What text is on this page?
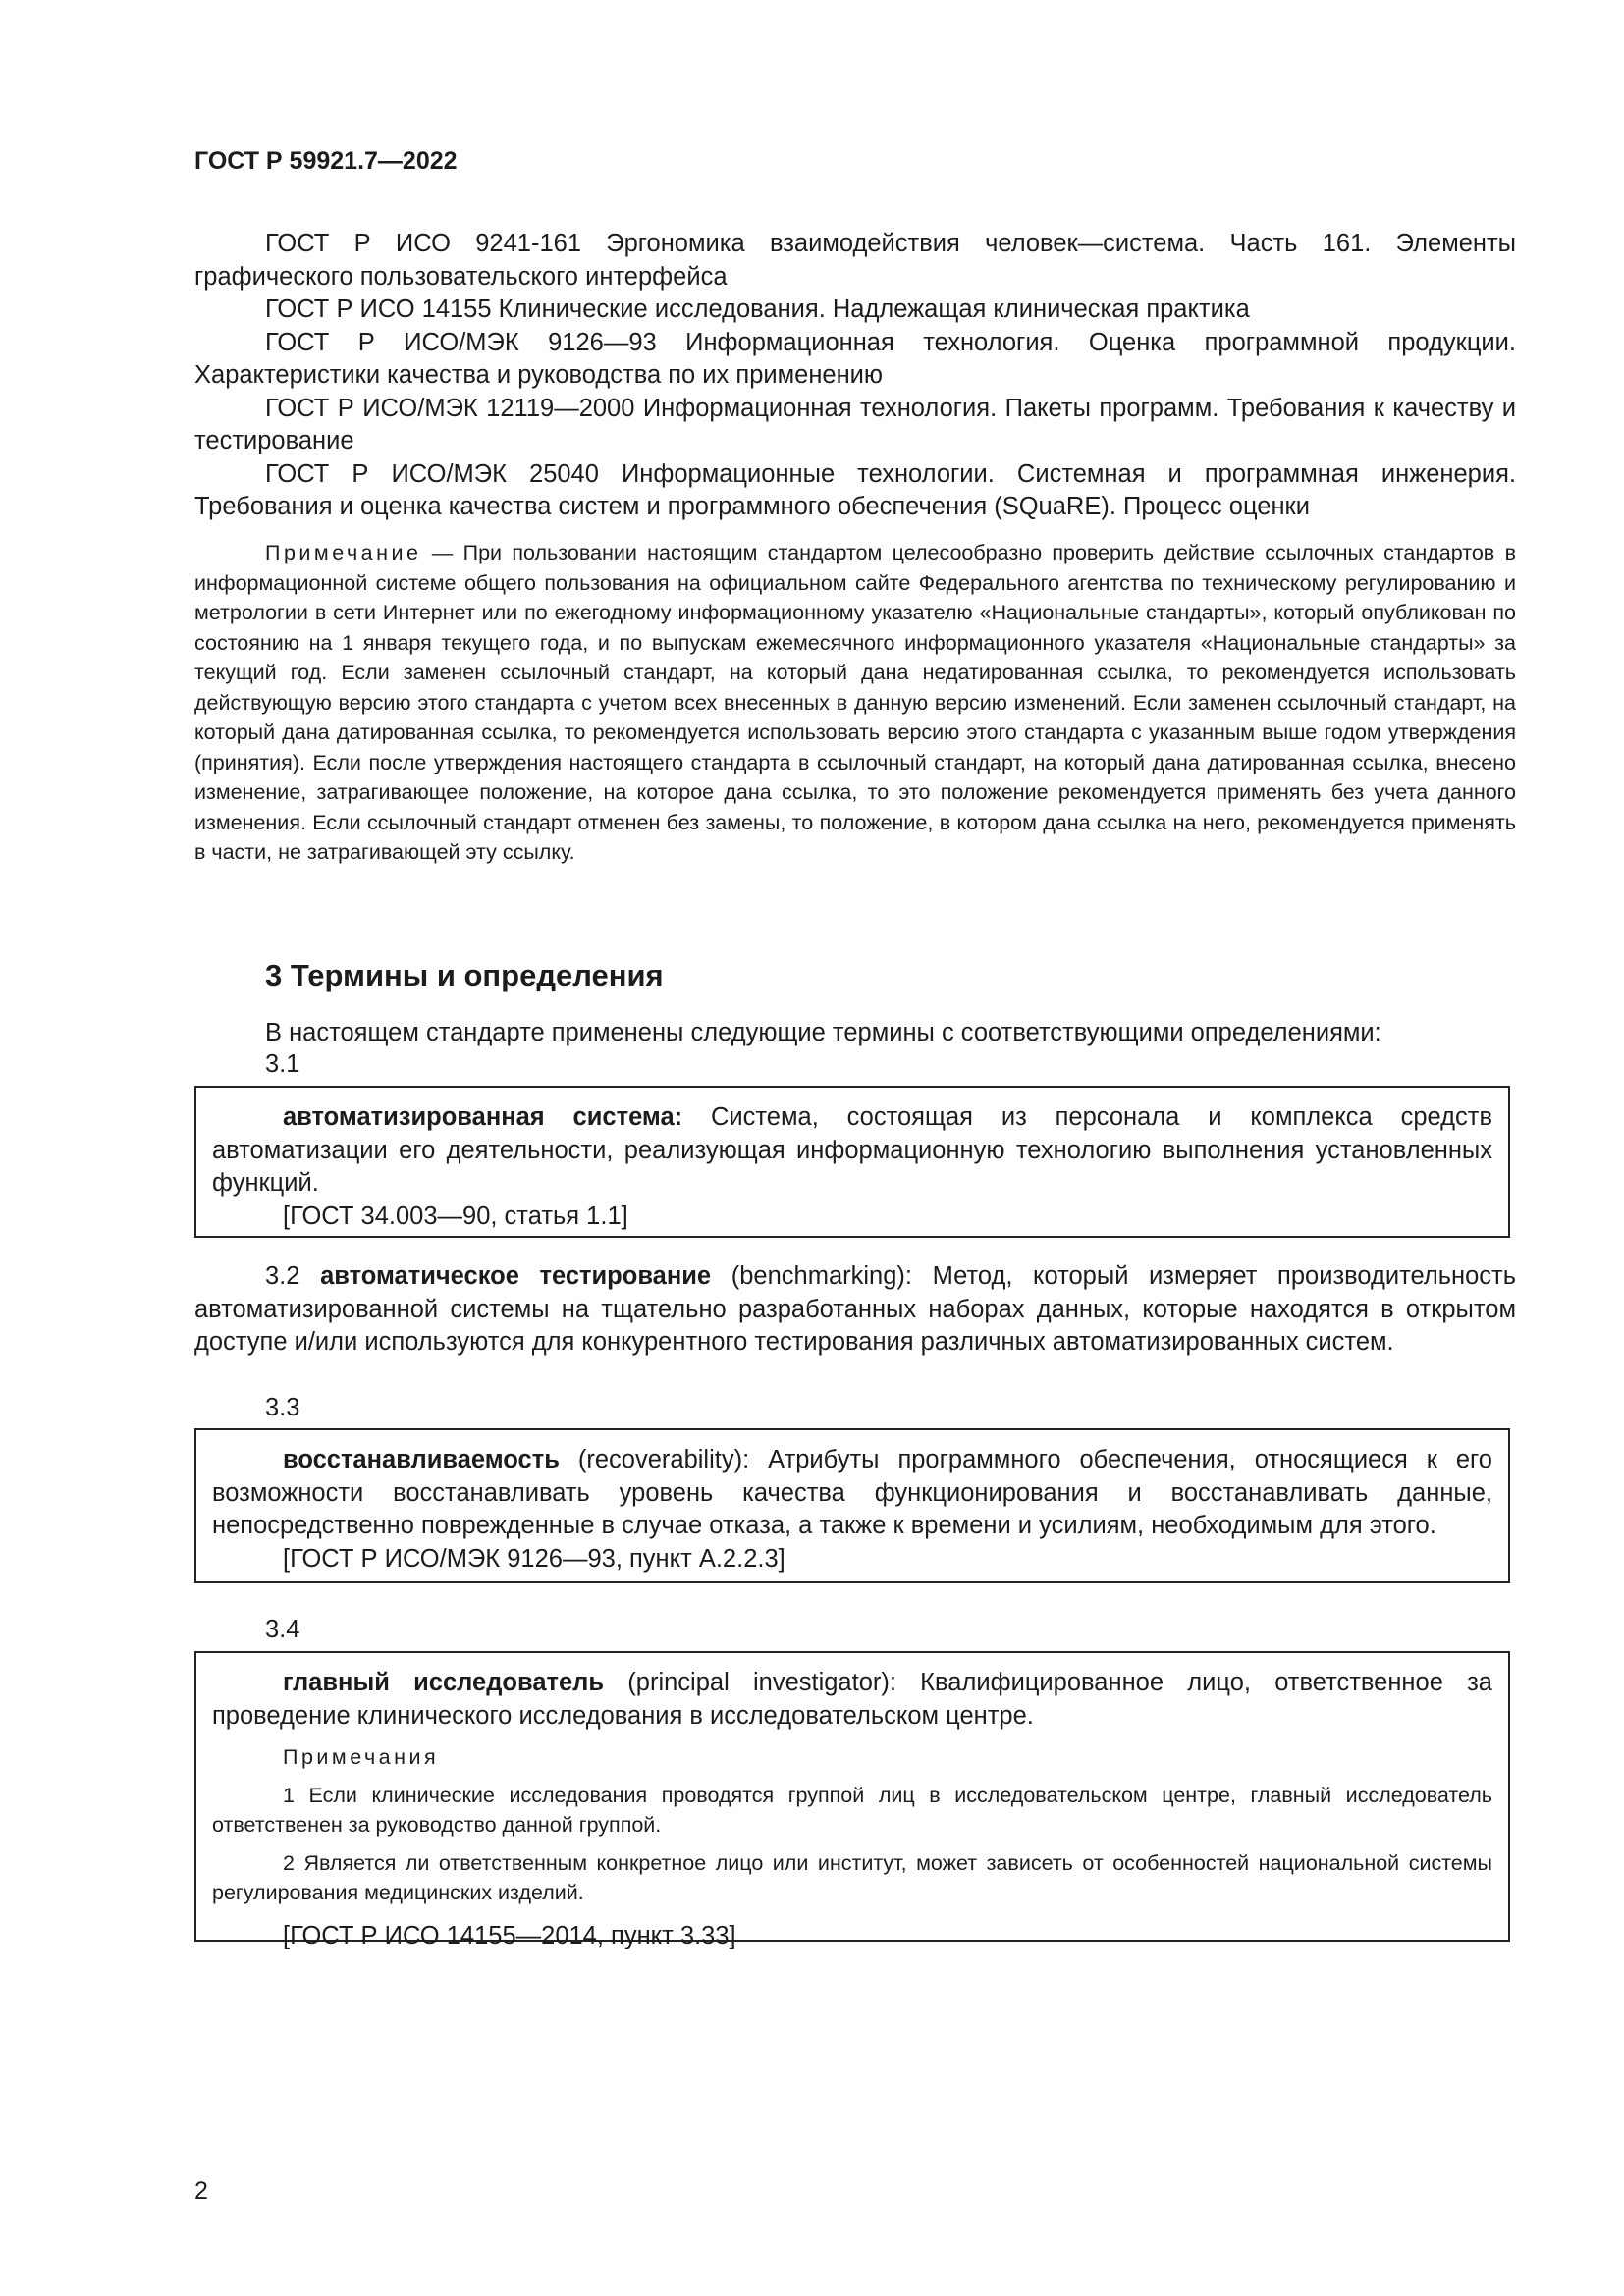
ГОСТ Р 59921.7—2022

ГОСТ Р ИСО 9241-161 Эргономика взаимодействия человек—система. Часть 161. Элементы графического пользовательского интерфейса

ГОСТ Р ИСО 14155 Клинические исследования. Надлежащая клиническая практика

ГОСТ Р ИСО/МЭК 9126—93 Информационная технология. Оценка программной продукции. Характеристики качества и руководства по их применению

ГОСТ Р ИСО/МЭК 12119—2000 Информационная технология. Пакеты программ. Требования к качеству и тестирование

ГОСТ Р ИСО/МЭК 25040 Информационные технологии. Системная и программная инженерия. Требования и оценка качества систем и программного обеспечения (SQuaRE). Процесс оценки

Примечание — При пользовании настоящим стандартом целесообразно проверить действие ссылочных стандартов в информационной системе общего пользования на официальном сайте Федерального агентства по техническому регулированию и метрологии в сети Интернет или по ежегодному информационному указателю «Национальные стандарты», который опубликован по состоянию на 1 января текущего года, и по выпускам ежемесячного информационного указателя «Национальные стандарты» за текущий год. Если заменен ссылочный стандарт, на который дана недатированная ссылка, то рекомендуется использовать действующую версию этого стандарта с учетом всех внесенных в данную версию изменений. Если заменен ссылочный стандарт, на который дана датированная ссылка, то рекомендуется использовать версию этого стандарта с указанным выше годом утверждения (принятия). Если после утверждения настоящего стандарта в ссылочный стандарт, на который дана датированная ссылка, внесено изменение, затрагивающее положение, на которое дана ссылка, то это положение рекомендуется применять без учета данного изменения. Если ссылочный стандарт отменен без замены, то положение, в котором дана ссылка на него, рекомендуется применять в части, не затрагивающей эту ссылку.

3 Термины и определения

В настоящем стандарте применены следующие термины с соответствующими определениями:

3.1

автоматизированная система: Система, состоящая из персонала и комплекса средств автоматизации его деятельности, реализующая информационную технологию выполнения установленных функций.

[ГОСТ 34.003—90, статья 1.1]

3.2 автоматическое тестирование (benchmarking): Метод, который измеряет производительность автоматизированной системы на тщательно разработанных наборах данных, которые находятся в открытом доступе и/или используются для конкурентного тестирования различных автоматизированных систем.

3.3

восстанавливаемость (recoverability): Атрибуты программного обеспечения, относящиеся к его возможности восстанавливать уровень качества функционирования и восстанавливать данные, непосредственно поврежденные в случае отказа, а также к времени и усилиям, необходимым для этого.

[ГОСТ Р ИСО/МЭК 9126—93, пункт А.2.2.3]

3.4

главный исследователь (principal investigator): Квалифицированное лицо, ответственное за проведение клинического исследования в исследовательском центре.

Примечания

1 Если клинические исследования проводятся группой лиц в исследовательском центре, главный исследователь ответственен за руководство данной группой.

2 Является ли ответственным конкретное лицо или институт, может зависеть от особенностей национальной системы регулирования медицинских изделий.

[ГОСТ Р ИСО 14155—2014, пункт 3.33]

2
